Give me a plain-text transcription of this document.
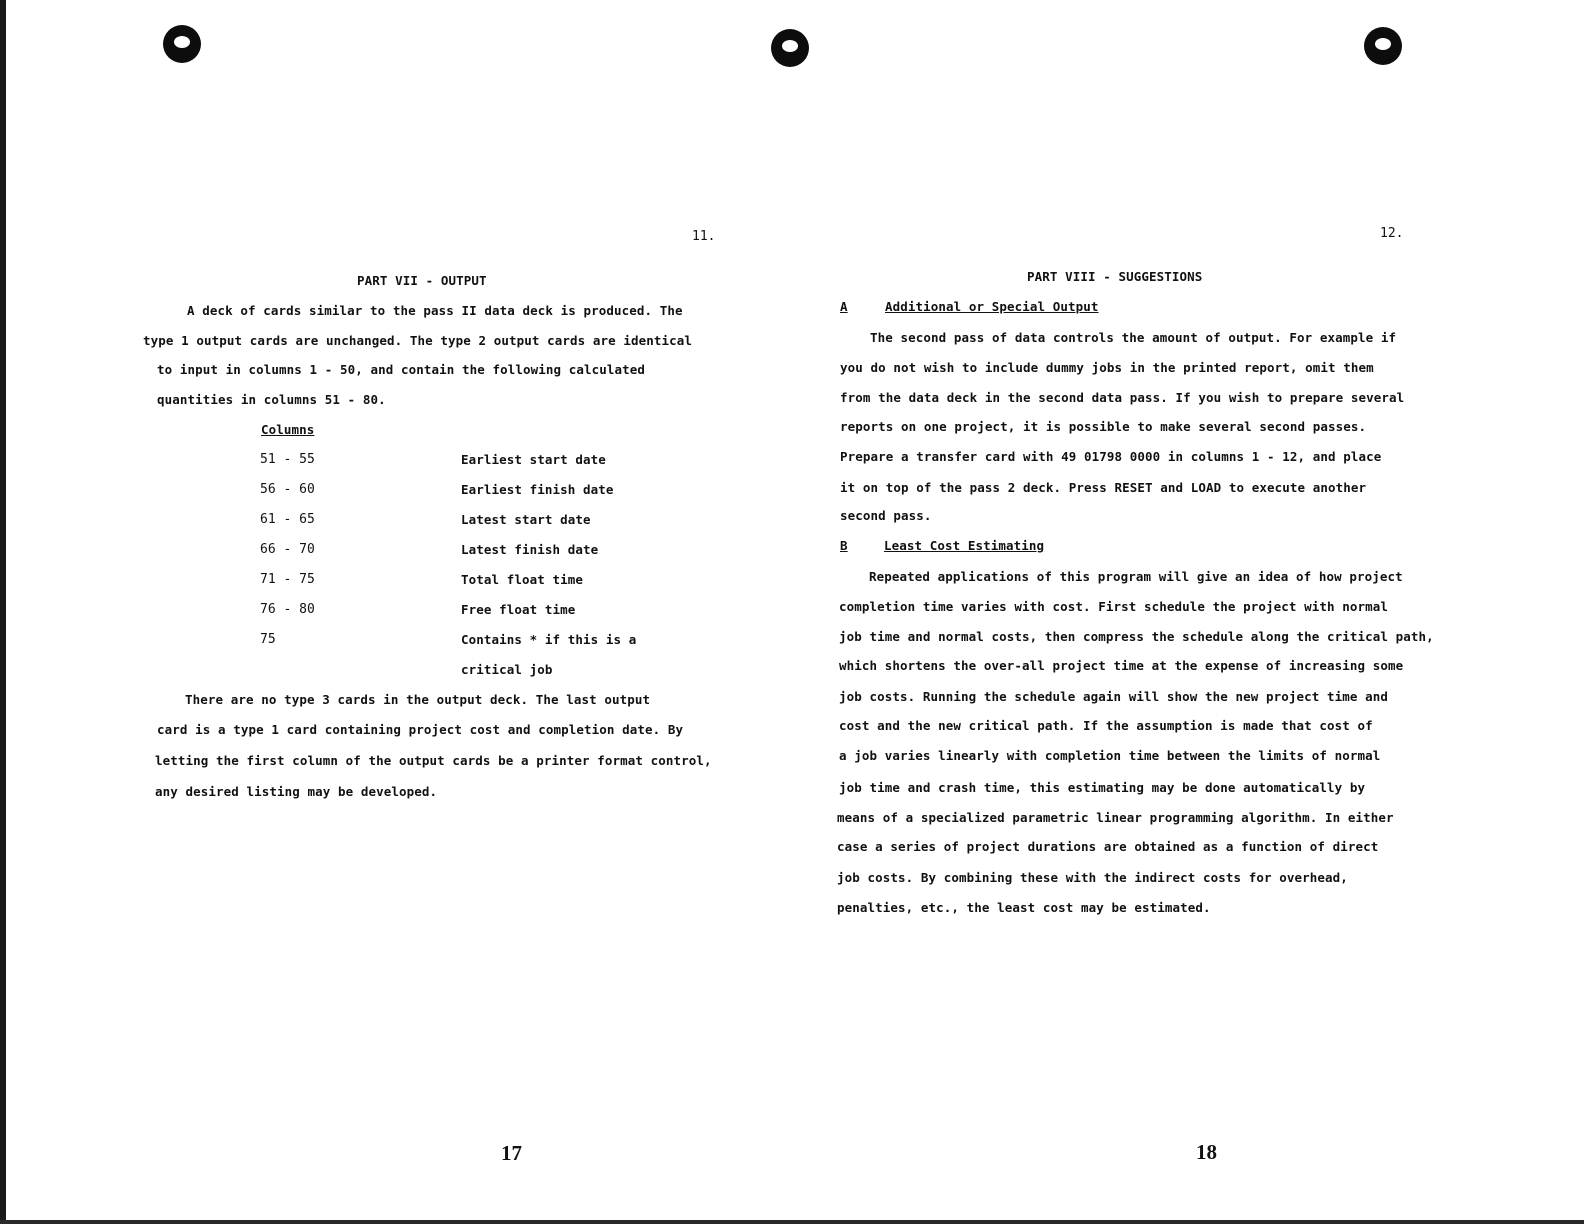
11.
PART VII - OUTPUT
A deck of cards similar to the pass II data deck is produced. The
type 1 output cards are unchanged. The type 2 output cards are identical
to input in columns 1 - 50, and contain the following calculated
quantities in columns 51 - 80.
Columns
51 - 55	Earliest start date
56 - 60	Earliest finish date
61 - 65	Latest start date
66 - 70	Latest finish date
71 - 75	Total float time
76 - 80	Free float time
75	Contains * if this is a
critical job
There are no type 3 cards in the output deck. The last output
card is a type 1 card containing project cost and completion date. By
letting the first column of the output cards be a printer format control,
any desired listing may be developed.
17
12.
PART VIII - SUGGESTIONS
A	Additional or Special Output
The second pass of data controls the amount of output. For example if
you do not wish to include dummy jobs in the printed report, omit them
from the data deck in the second data pass. If you wish to prepare several
reports on one project, it is possible to make several second passes.
Prepare a transfer card with 49 01798 0000 in columns 1 - 12, and place
it on top of the pass 2 deck. Press RESET and LOAD to execute another
second pass.
B	Least Cost Estimating
Repeated applications of this program will give an idea of how project
completion time varies with cost. First schedule the project with normal
job time and normal costs, then compress the schedule along the critical path,
which shortens the over-all project time at the expense of increasing some
job costs. Running the schedule again will show the new project time and
cost and the new critical path. If the assumption is made that cost of
a job varies linearly with completion time between the limits of normal
job time and crash time, this estimating may be done automatically by
means of a specialized parametric linear programming algorithm. In either
case a series of project durations are obtained as a function of direct
job costs. By combining these with the indirect costs for overhead,
penalties, etc., the least cost may be estimated.
18
